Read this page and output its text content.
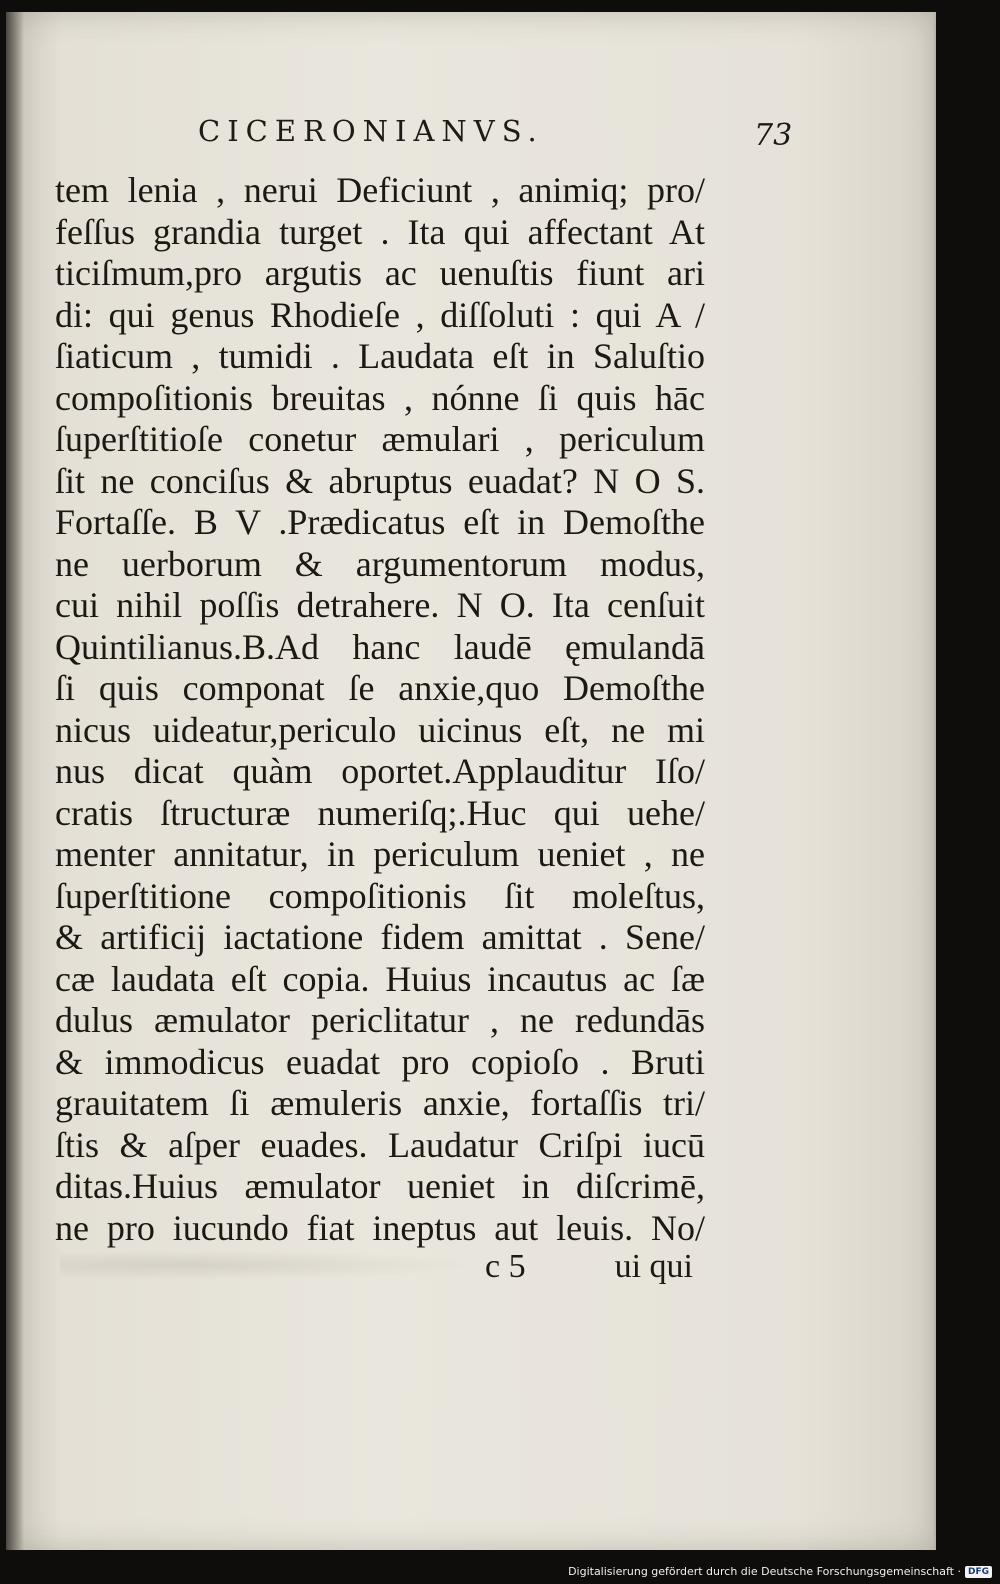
CICERONIANVS.	73
tem lenia , nerui Deficiunt , animiq; pro/
feſſus grandia turget . Ita qui affectant At
ticiſmum,pro argutis ac uenuſtis fiunt ari
di: qui genus Rhodieſe , diſſoluti : qui A /
ſiaticum , tumidi . Laudata eſt in Saluſtio
compoſitionis breuitas , nónne ſi quis hāc
ſuperſtitioſe conetur æmulari , periculum
ſit ne conciſus & abruptus euadat? N O S.
Fortaſſe. B V .Prædicatus eſt in Demoſthe
ne uerborum & argumentorum modus,
cui nihil poſſis detrahere. N O. Ita cenſuit
Quintilianus.B.Ad hanc laudē ęmulandā
ſi quis componat ſe anxie,quo Demoſthe
nicus uideatur,periculo uicinus eſt, ne mi
nus dicat quàm oportet.Applauditur Iſo/
cratis ſtructuræ numeriſq;.Huc qui uehe/
menter annitatur, in periculum ueniet , ne
ſuperſtitione compoſitionis ſit moleſtus,
& artificij iactatione fidem amittat . Sene/
cæ laudata eſt copia. Huius incautus ac ſæ
dulus æmulator periclitatur , ne redundās
& immodicus euadat pro copioſo . Bruti
grauitatem ſi æmuleris anxie, fortaſſis tri/
ſtis & aſper euades. Laudatur Criſpi iucū
ditas.Huius æmulator ueniet in diſcrimē,
ne pro iucundo fiat ineptus aut leuis. No/
c 5	ui qui
Digitalisierung gefördert durch die Deutsche Forschungsgemeinschaft · DFG
